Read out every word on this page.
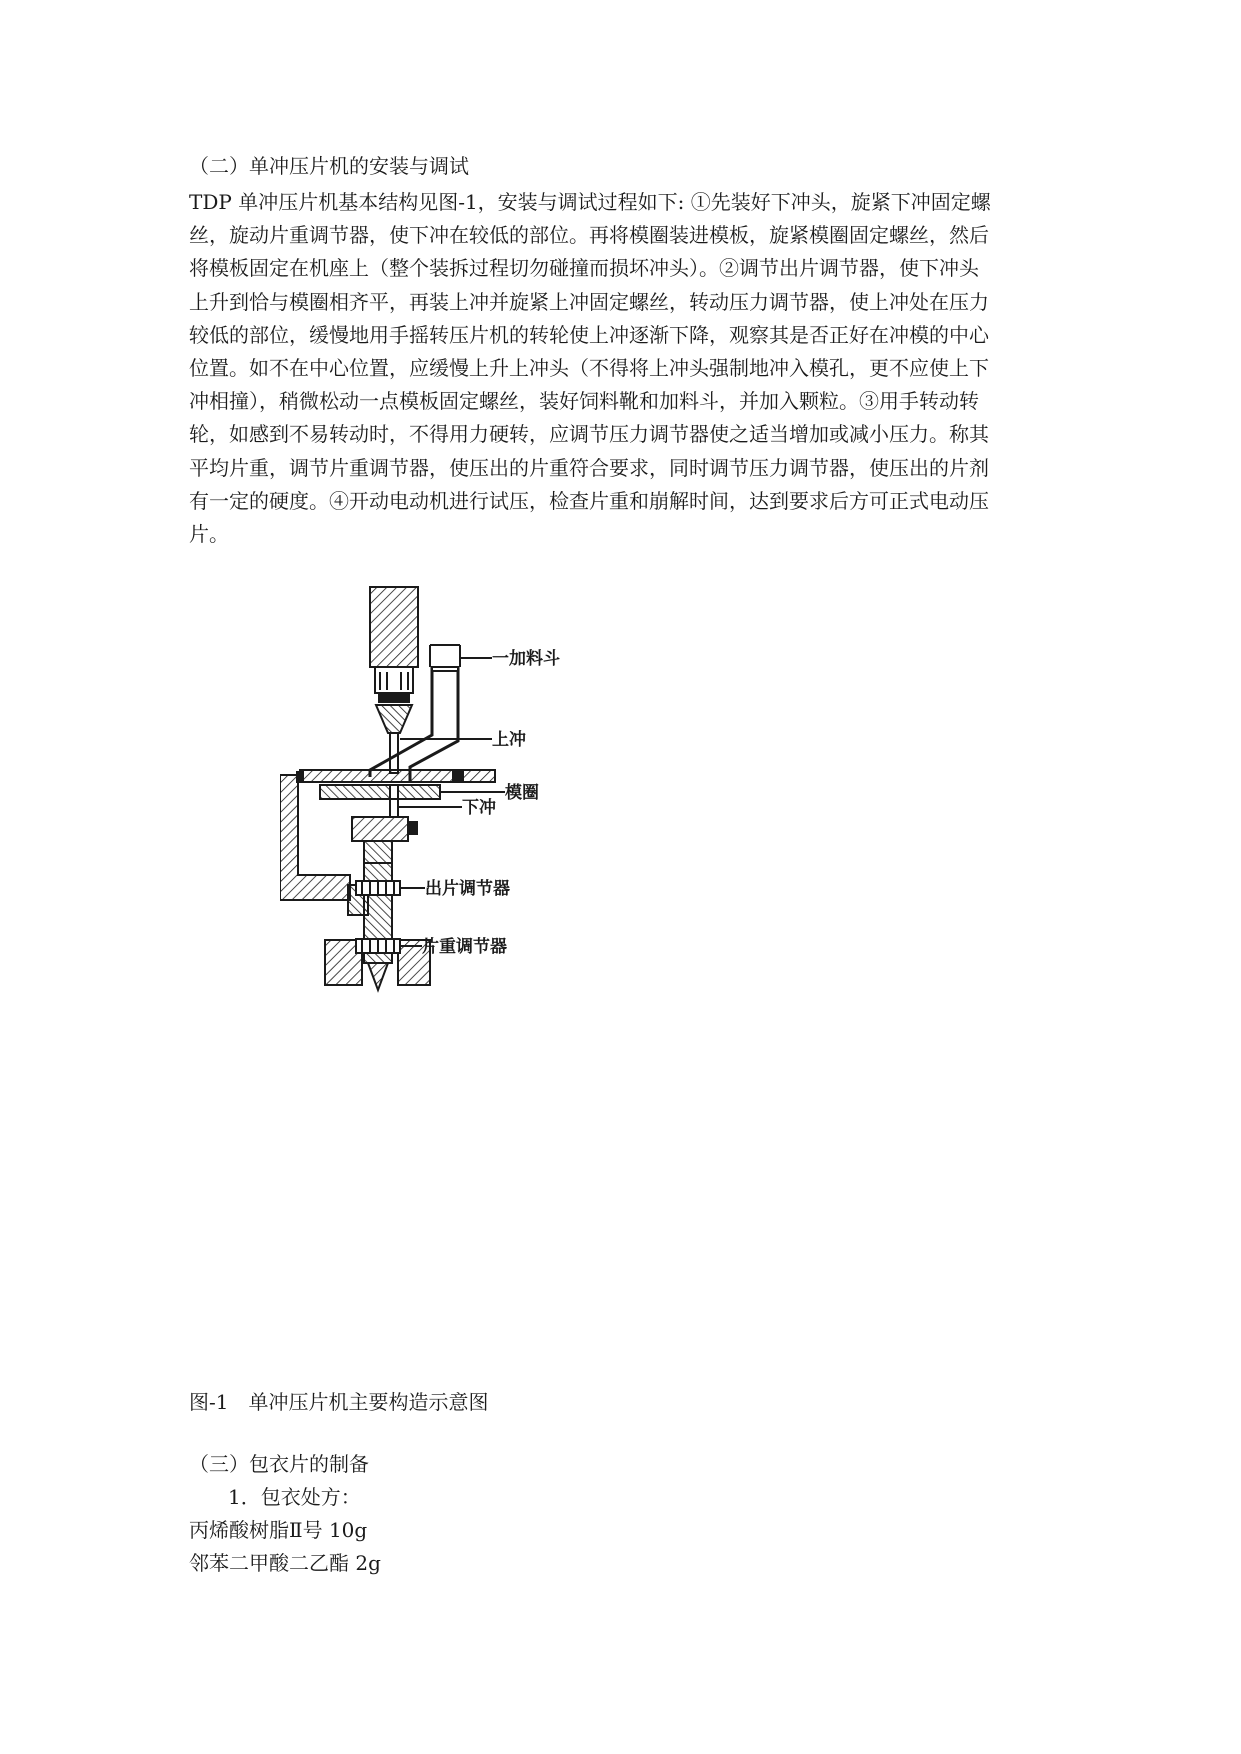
（二）单冲压片机的安装与调试
TDP 单冲压片机基本结构见图-1，安装与调试过程如下: ①先装好下冲头，旋紧下冲固定螺
丝，旋动片重调节器，使下冲在较低的部位。再将模圈装进模板，旋紧模圈固定螺丝，然后
将模板固定在机座上（整个装拆过程切勿碰撞而损坏冲头）。②调节出片调节器，使下冲头
上升到恰与模圈相齐平，再装上冲并旋紧上冲固定螺丝，转动压力调节器，使上冲处在压力
较低的部位，缓慢地用手摇转压片机的转轮使上冲逐渐下降，观察其是否正好在冲模的中心
位置。如不在中心位置，应缓慢上升上冲头（不得将上冲头强制地冲入模孔，更不应使上下
冲相撞），稍微松动一点模板固定螺丝，装好饲料靴和加料斗，并加入颗粒。③用手转动转
轮，如感到不易转动时，不得用力硬转，应调节压力调节器使之适当增加或减小压力。称其
平均片重，调节片重调节器，使压出的片重符合要求，同时调节压力调节器，使压出的片剂
有一定的硬度。④开动电动机进行试压，检查片重和崩解时间，达到要求后方可正式电动压
片。
一加料斗
上冲
模圈
下冲
出片调节器
片重调节器
图-1　单冲压片机主要构造示意图
（三）包衣片的制备
1．包衣处方：
丙烯酸树脂Ⅱ号 10g
邻苯二甲酸二乙酯 2g
